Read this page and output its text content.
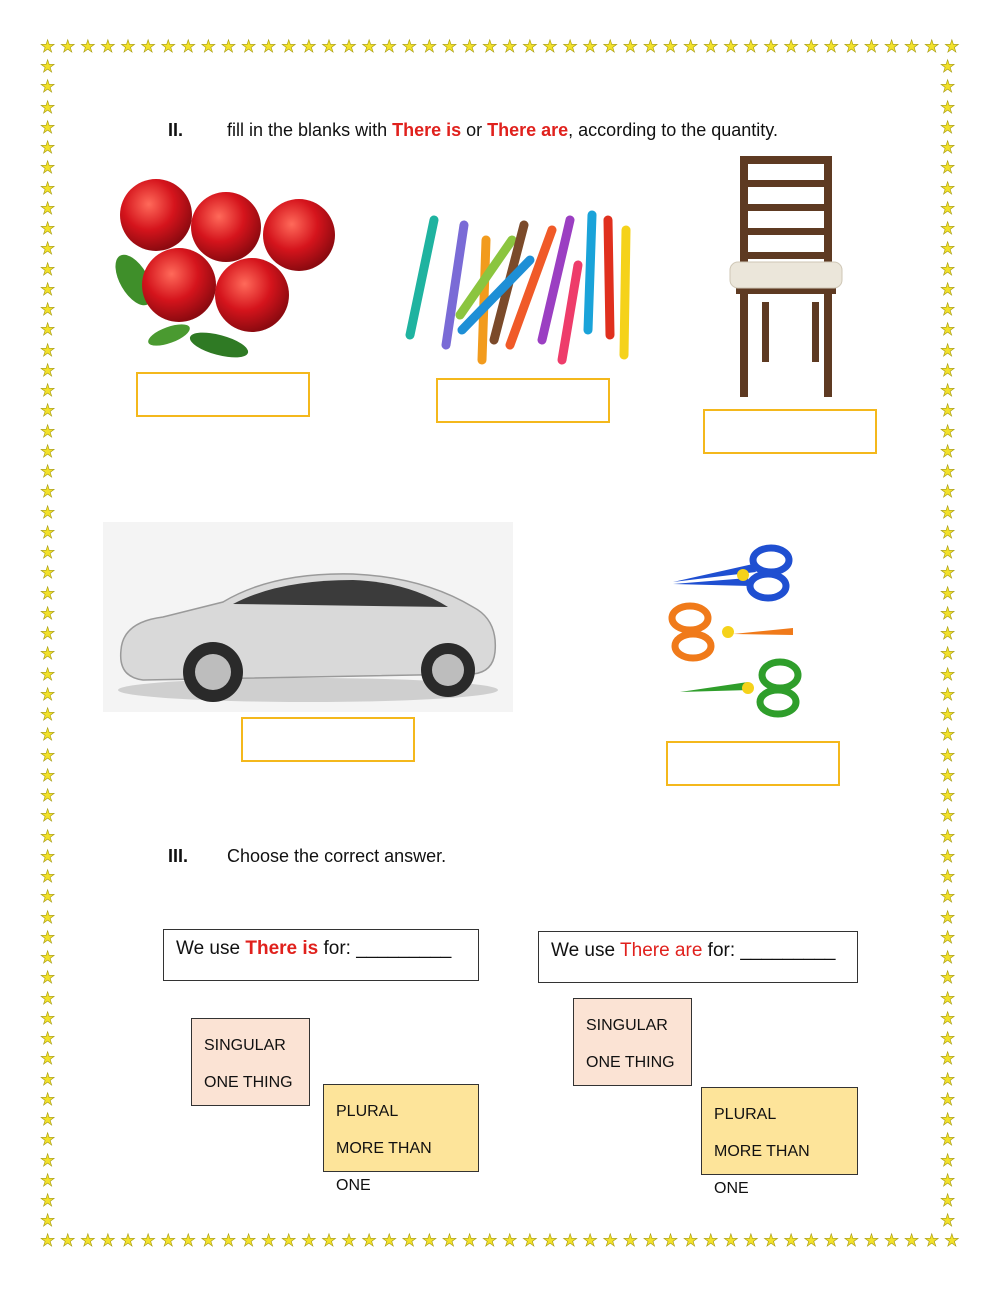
★ ★ ★ ★ ★ ★ ★ ★ ★ ★ ★ ★ ★ ★ ★ ★ ★ ★ ★ ★ ★ ★ ★ ★ ★ ★ ★ ★ ★ ★ ★ ★ ★ ★ ★ ★ ★ ★ ★ ★ ★ ★ ★ ★ ★ ★
★ ★ ★ ★ ★ ★ ★ ★ ★ ★ ★ ★ ★ ★ ★ ★ ★ ★ ★ ★ ★ ★ ★ ★ ★ ★ ★ ★ ★ ★ ★ ★ ★ ★ ★ ★ ★ ★ ★ ★ ★ ★ ★ ★ ★ ★
★
★
★
★
★
★
★
★
★
★
★
★
★
★
★
★
★
★
★
★
★
★
★
★
★
★
★
★
★
★
★
★
★
★
★
★
★
★
★
★
★
★
★
★
★
★
★
★
★
★
★
★
★
★
★
★
★
★
★
★
★
★
★
★
★
★
★
★
★
★
★
★
★
★
★
★
★
★
★
★
★
★
★
★
★
★
★
★
★
★
★
★
★
★
★
★
★
★
★
★
★
★
★
★
★
★
★
★
★
★
★
★
★
★
★
★
II. fill in the blanks with There is or There are, according to the quantity.
III. Choose the correct answer.
We use There is for: _________	We use There are for: _________
SINGULAR
ONE THING
PLURAL
MORE THAN ONE
SINGULAR
ONE THING
PLURAL
MORE THAN ONE
